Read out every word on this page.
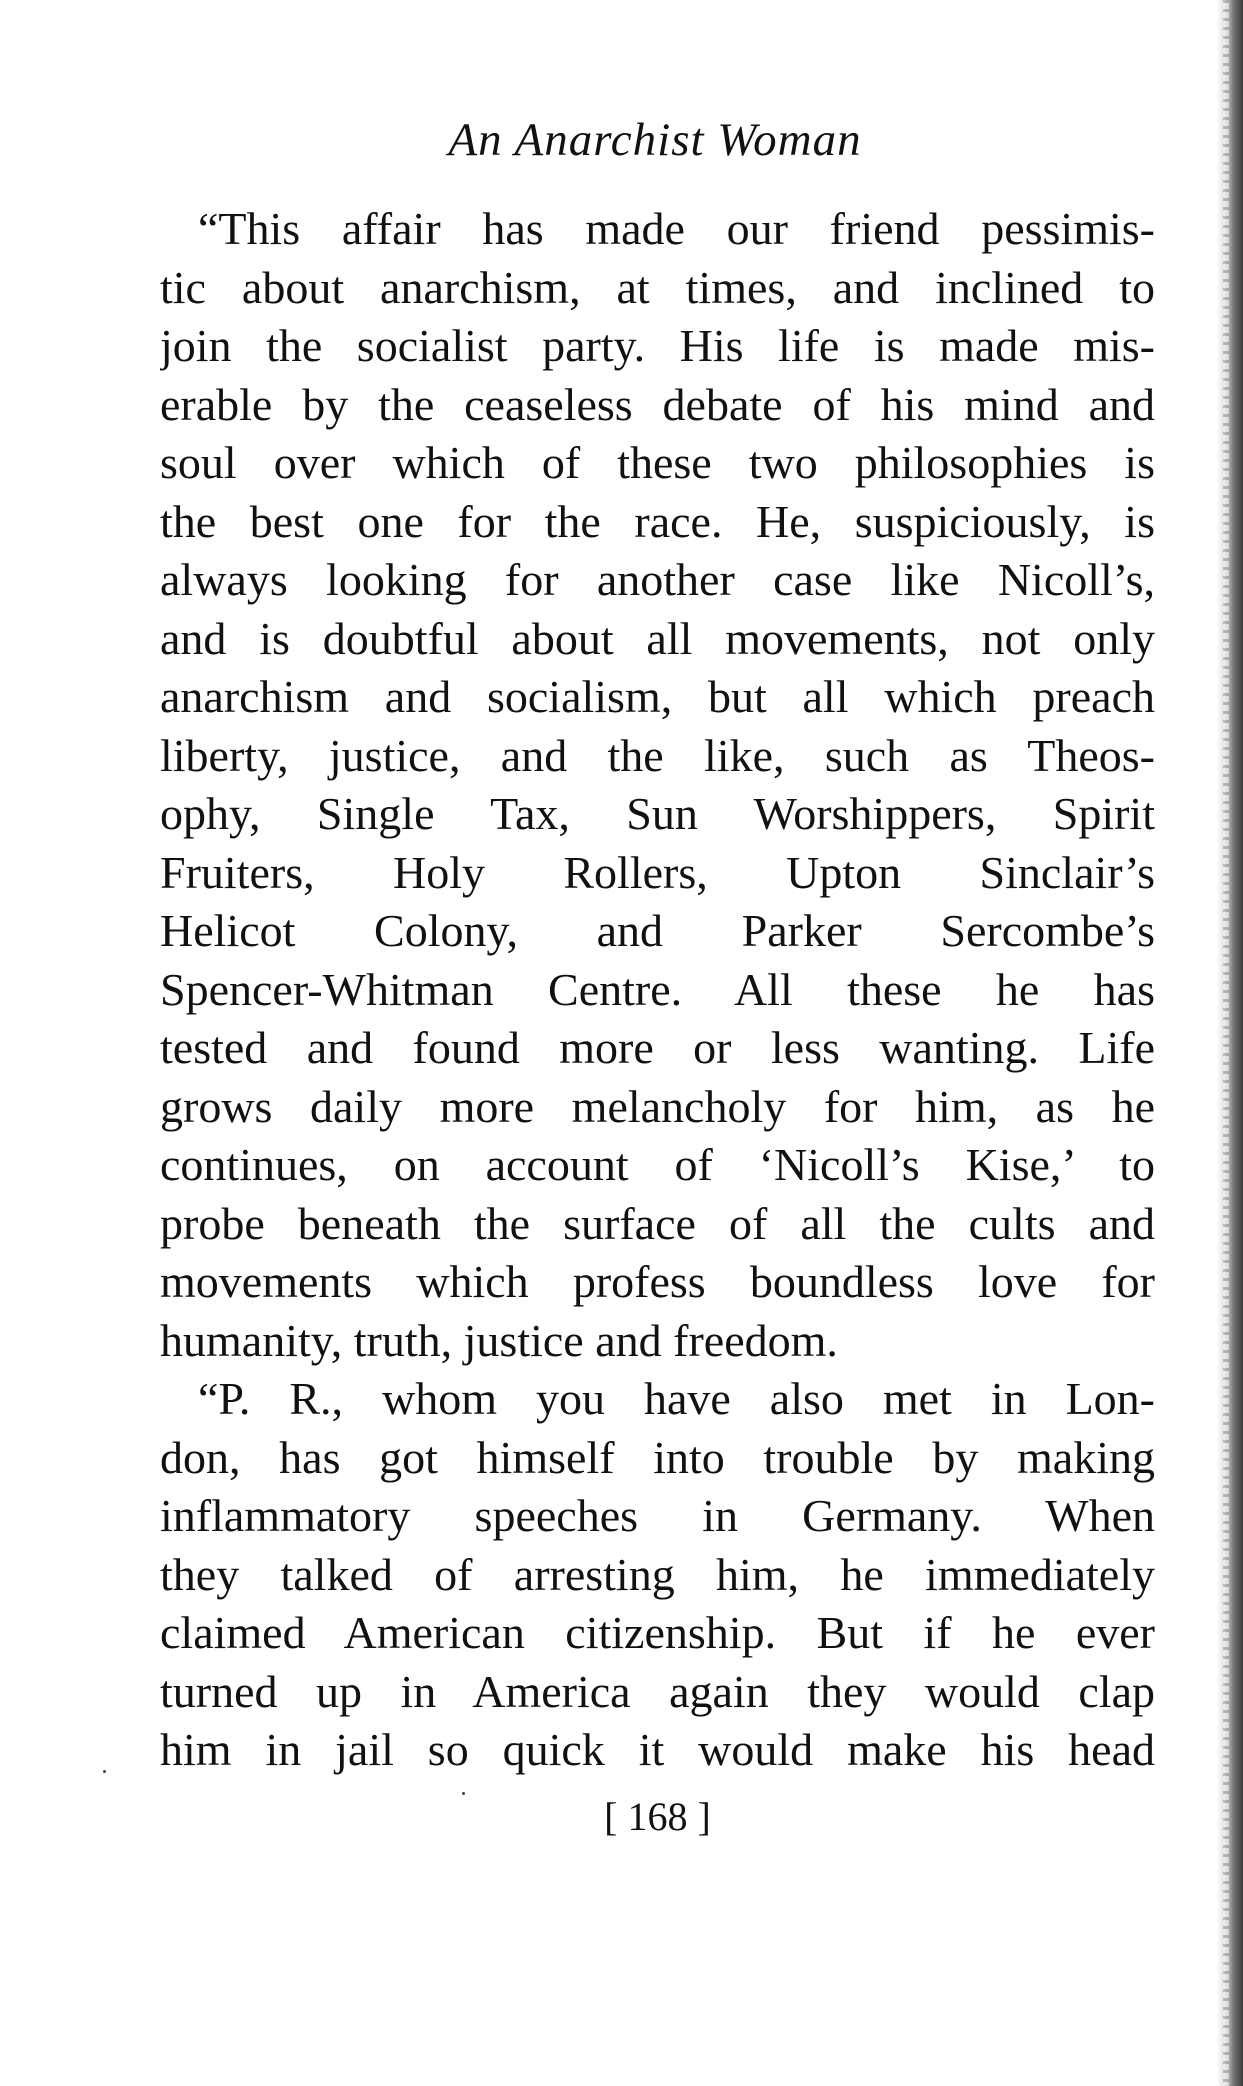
An Anarchist Woman
“This affair has made our friend pessimis-
tic about anarchism, at times, and inclined to
join the socialist party. His life is made mis-
erable by the ceaseless debate of his mind and
soul over which of these two philosophies is
the best one for the race. He, suspiciously, is
always looking for another case like Nicoll’s,
and is doubtful about all movements, not only
anarchism and socialism, but all which preach
liberty, justice, and the like, such as Theos-
ophy, Single Tax, Sun Worshippers, Spirit
Fruiters, Holy Rollers, Upton Sinclair’s
Helicot Colony, and Parker Sercombe’s
Spencer-Whitman Centre. All these he has
tested and found more or less wanting. Life
grows daily more melancholy for him, as he
continues, on account of ‘Nicoll’s Kise,’ to
probe beneath the surface of all the cults and
movements which profess boundless love for
humanity, truth, justice and freedom.
“P. R., whom you have also met in Lon-
don, has got himself into trouble by making
inflammatory speeches in Germany. When
they talked of arresting him, he immediately
claimed American citizenship. But if he ever
turned up in America again they would clap
him in jail so quick it would make his head
[ 168 ]
